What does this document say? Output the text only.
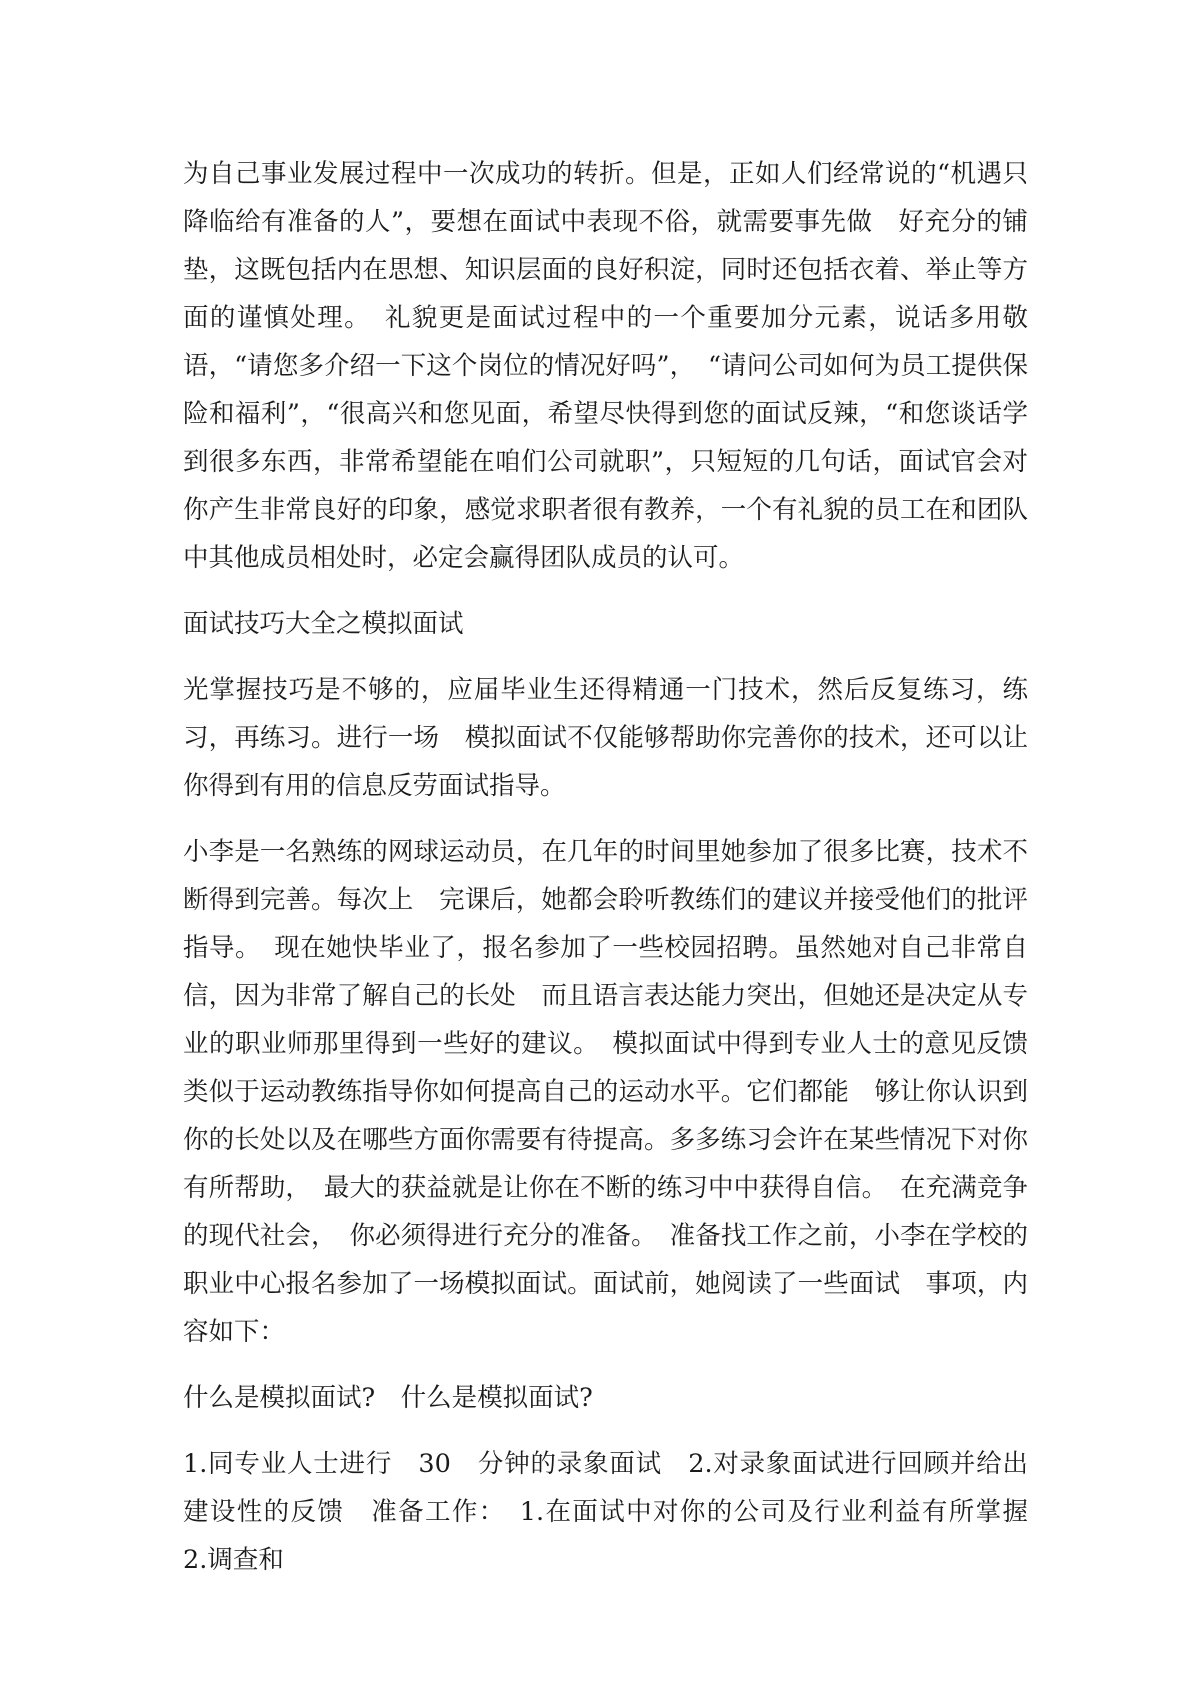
为自己事业发展过程中一次成功的转折。但是，正如人们经常说的“机遇只降临给有准备的人”，要想在面试中表现不俗，就需要事先做　好充分的铺垫，这既包括内在思想、知识层面的良好积淀，同时还包括衣着、举止等方面的谨慎处理。　礼貌更是面试过程中的一个重要加分元素，说话多用敬语，“请您多介绍一下这个岗位的情况好吗”，　“请问公司如何为员工提供保险和福利”，“很高兴和您见面，希望尽快得到您的面试反辣，“和您谈话学到很多东西，非常希望能在咱们公司就职”，只短短的几句话，面试官会对你产生非常良好的印象，感觉求职者很有教养，一个有礼貌的员工在和团队中其他成员相处时，必定会赢得团队成员的认可。

面试技巧大全之模拟面试

光掌握技巧是不够的，应届毕业生还得精通一门技术，然后反复练习，练习，再练习。进行一场　模拟面试不仅能够帮助你完善你的技术，还可以让你得到有用的信息反劳面试指导。

小李是一名熟练的网球运动员，在几年的时间里她参加了很多比赛，技术不断得到完善。每次上　完课后，她都会聆听教练们的建议并接受他们的批评指导。　现在她快毕业了，报名参加了一些校园招聘。虽然她对自己非常自信，因为非常了解自己的长处　而且语言表达能力突出，但她还是决定从专业的职业师那里得到一些好的建议。　模拟面试中得到专业人士的意见反馈类似于运动教练指导你如何提高自己的运动水平。它们都能　够让你认识到你的长处以及在哪些方面你需要有待提高。多多练习会许在某些情况下对你有所帮助，　最大的获益就是让你在不断的练习中中获得自信。　在充满竞争的现代社会，　你必须得进行充分的准备。　准备找工作之前，小李在学校的职业中心报名参加了一场模拟面试。面试前，她阅读了一些面试　事项，内容如下：

什么是模拟面试?　什么是模拟面试?

1.同专业人士进行　30　分钟的录象面试　2.对录象面试进行回顾并给出建设性的反馈　准备工作：　1.在面试中对你的公司及行业利益有所掌握　2.调查和
